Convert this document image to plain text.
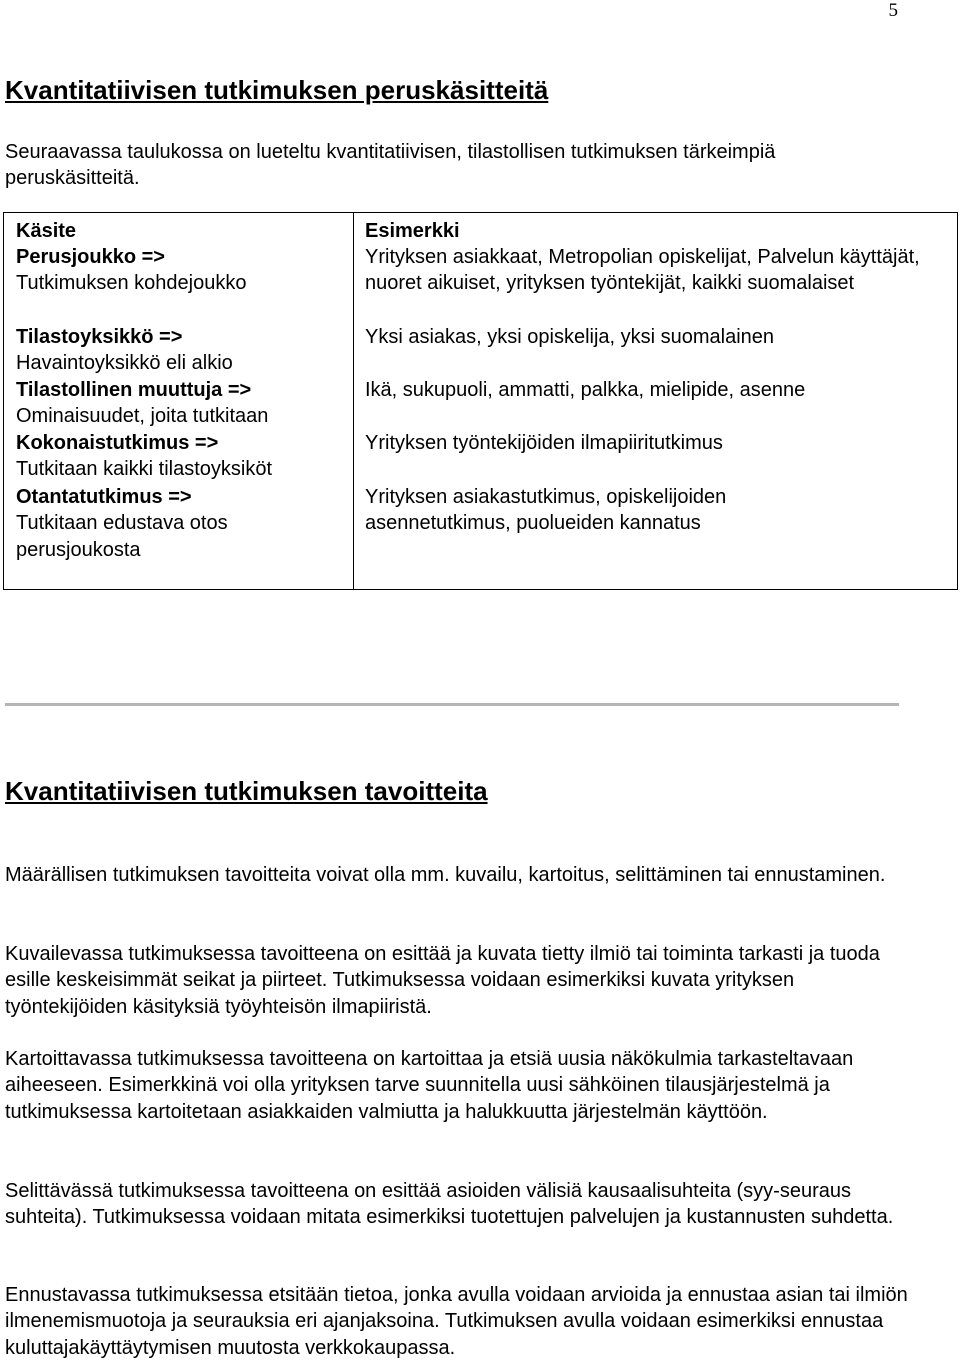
5
Kvantitatiivisen tutkimuksen peruskäsitteitä

Seuraavassa taulukossa on lueteltu kvantitatiivisen, tilastollisen tutkimuksen tärkeimpiä peruskäsitteitä.

Käsite	Esimerkki
Perusjoukko =>
Tutkimuksen kohdejoukko
Yrityksen asiakkaat, Metropolian opiskelijat, Palvelun käyttäjät,
nuoret aikuiset, yrityksen työntekijät, kaikki suomalaiset
Tilastoyksikkö =>
Havaintoyksikkö eli alkio
Yksi asiakas, yksi opiskelija, yksi suomalainen
Tilastollinen muuttuja =>
Ominaisuudet, joita tutkitaan
Ikä, sukupuoli, ammatti, palkka, mielipide, asenne
Kokonaistutkimus =>
Tutkitaan kaikki tilastoyksiköt
Yrityksen työntekijöiden ilmapiiritutkimus
Otantatutkimus =>
Tutkitaan edustava otos perusjoukosta
Yrityksen asiakastutkimus, opiskelijoiden asennetutkimus, puolueiden kannatus
Kvantitatiivisen tutkimuksen tavoitteita

Määrällisen tutkimuksen tavoitteita voivat olla mm. kuvailu, kartoitus, selittäminen tai ennustaminen.

Kuvailevassa tutkimuksessa tavoitteena on esittää ja kuvata tietty ilmiö tai toiminta tarkasti ja tuoda esille keskeisimmät seikat ja piirteet. Tutkimuksessa voidaan esimerkiksi kuvata yrityksen työntekijöiden käsityksiä työyhteisön ilmapiiristä.

Kartoittavassa tutkimuksessa tavoitteena on kartoittaa ja etsiä uusia näkökulmia tarkasteltavaan aiheeseen. Esimerkkinä voi olla yrityksen tarve suunnitella uusi sähköinen tilausjärjestelmä ja tutkimuksessa kartoitetaan asiakkaiden valmiutta ja halukkuutta järjestelmän käyttöön.

Selittävässä tutkimuksessa tavoitteena on esittää asioiden välisiä kausaalisuhteita (syy-seuraus suhteita). Tutkimuksessa voidaan mitata esimerkiksi tuotettujen palvelujen ja kustannusten suhdetta.

Ennustavassa tutkimuksessa etsitään tietoa, jonka avulla voidaan arvioida ja ennustaa asian tai ilmiön ilmenemismuotoja ja seurauksia eri ajanjaksoina. Tutkimuksen avulla voidaan esimerkiksi ennustaa kuluttajakäyttäytymisen muutosta verkkokaupassa.
